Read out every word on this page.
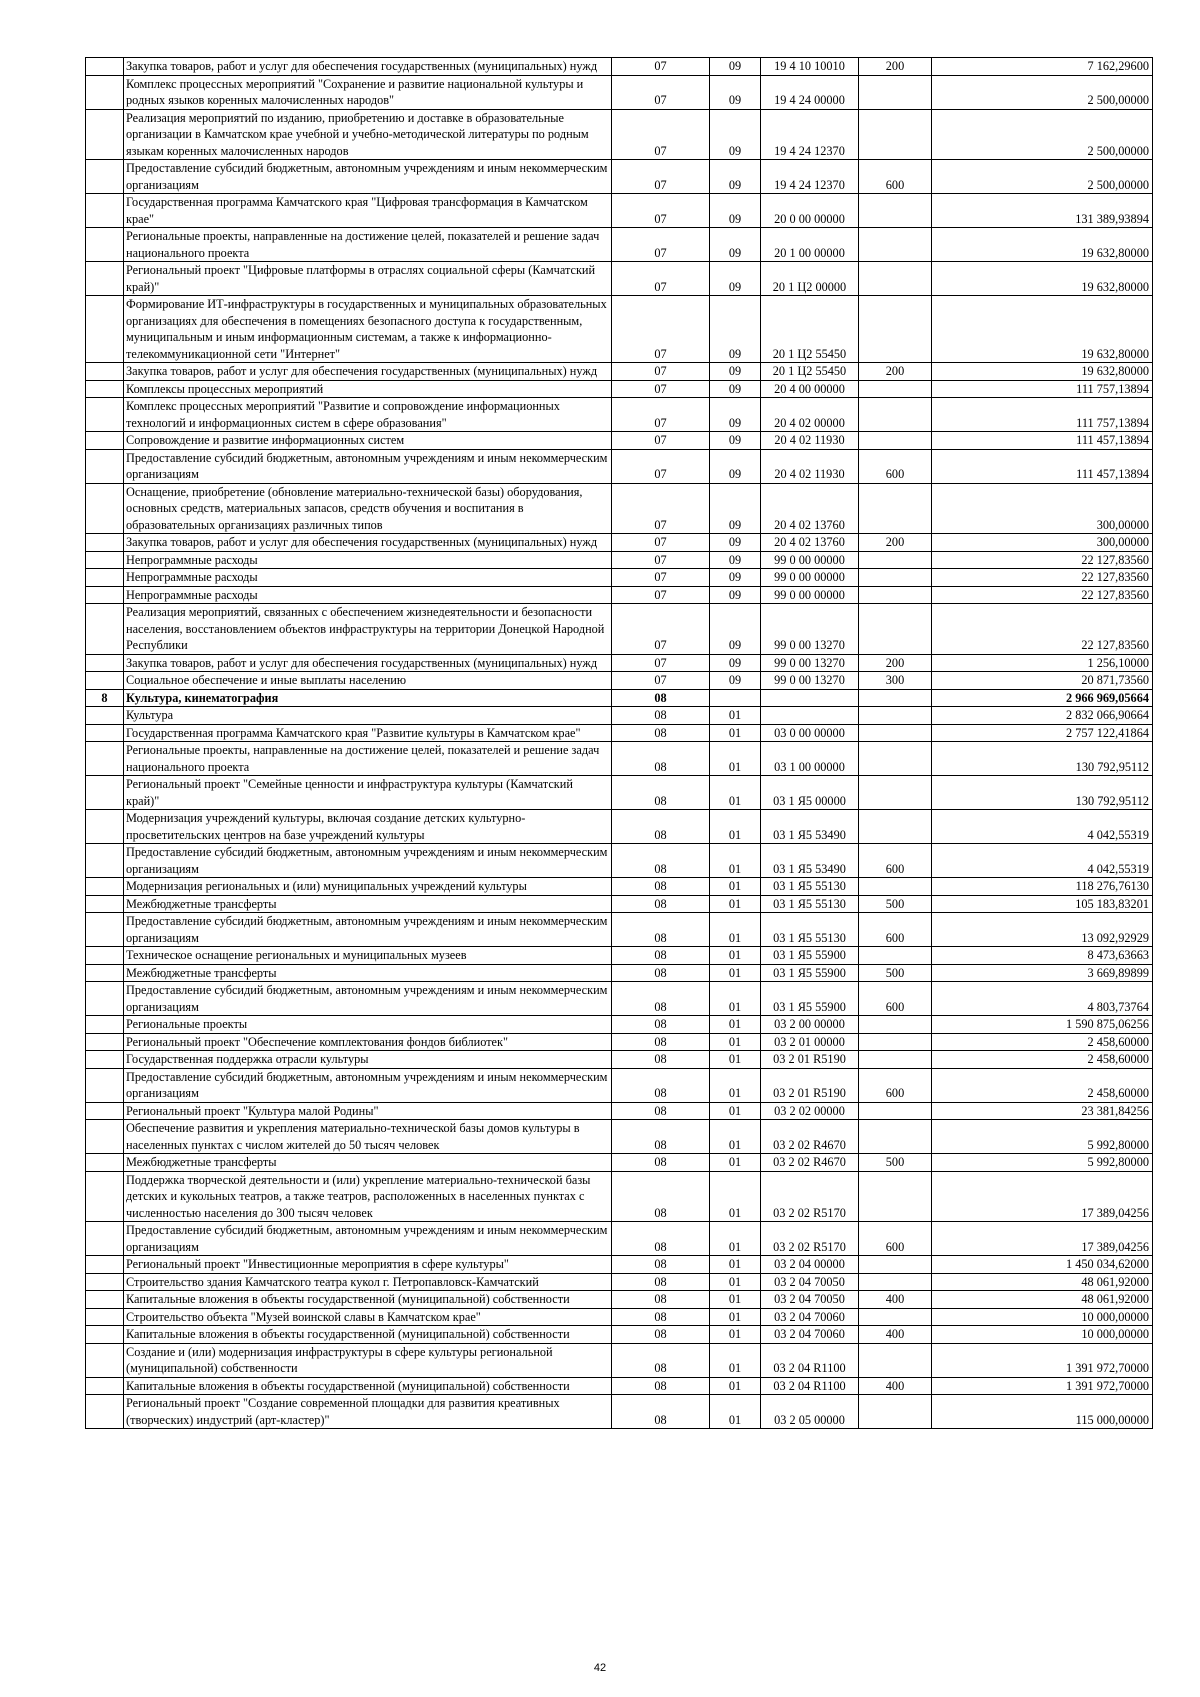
	Закупка товаров, работ и услуг для обеспечения государственных (муниципальных) нужд	07	09	19 4 10 10010	200	7 162,29600
	Комплекс процессных мероприятий "Сохранение и развитие национальной культуры и родных языков коренных малочисленных народов"	07	09	19 4 24 00000		2 500,00000
	Реализация мероприятий по изданию, приобретению и доставке в образовательные организации в Камчатском крае учебной и учебно-методической литературы по родным языкам коренных малочисленных народов	07	09	19 4 24 12370		2 500,00000
	Предоставление субсидий бюджетным, автономным учреждениям и иным некоммерческим организациям	07	09	19 4 24 12370	600	2 500,00000
	Государственная программа Камчатского края "Цифровая трансформация в Камчатском крае"	07	09	20 0 00 00000		131 389,93894
	Региональные проекты, направленные на достижение целей, показателей и решение задач национального проекта	07	09	20 1 00 00000		19 632,80000
	Региональный проект "Цифровые платформы в отраслях социальной сферы (Камчатский край)"	07	09	20 1 Ц2 00000		19 632,80000
	Формирование ИТ-инфраструктуры в государственных и муниципальных образовательных организациях для обеспечения в помещениях безопасного доступа к государственным, муниципальным и иным информационным системам, а также к информационно-телекоммуникационной сети "Интернет"	07	09	20 1 Ц2 55450		19 632,80000
	Закупка товаров, работ и услуг для обеспечения государственных (муниципальных) нужд	07	09	20 1 Ц2 55450	200	19 632,80000
	Комплексы процессных мероприятий	07	09	20 4 00 00000		111 757,13894
	Комплекс процессных мероприятий "Развитие и сопровождение информационных технологий и информационных систем в сфере образования"	07	09	20 4 02 00000		111 757,13894
	Сопровождение и развитие информационных систем	07	09	20 4 02 11930		111 457,13894
	Предоставление субсидий бюджетным, автономным учреждениям и иным некоммерческим организациям	07	09	20 4 02 11930	600	111 457,13894
	Оснащение, приобретение (обновление материально-технической базы) оборудования, основных средств, материальных запасов, средств обучения и воспитания в образовательных организациях различных типов	07	09	20 4 02 13760		300,00000
	Закупка товаров, работ и услуг для обеспечения государственных (муниципальных) нужд	07	09	20 4 02 13760	200	300,00000
	Непрограммные расходы	07	09	99 0 00 00000		22 127,83560
	Непрограммные расходы	07	09	99 0 00 00000		22 127,83560
	Непрограммные расходы	07	09	99 0 00 00000		22 127,83560
	Реализация мероприятий, связанных с обеспечением жизнедеятельности и безопасности населения, восстановлением объектов инфраструктуры на территории Донецкой Народной Республики	07	09	99 0 00 13270		22 127,83560
	Закупка товаров, работ и услуг для обеспечения государственных (муниципальных) нужд	07	09	99 0 00 13270	200	1 256,10000
	Социальное обеспечение и иные выплаты населению	07	09	99 0 00 13270	300	20 871,73560
8	Культура, кинематография	08				2 966 969,05664
	Культура	08	01			2 832 066,90664
	Государственная программа Камчатского края "Развитие культуры в Камчатском крае"	08	01	03 0 00 00000		2 757 122,41864
	Региональные проекты, направленные на достижение целей, показателей и решение задач национального проекта	08	01	03 1 00 00000		130 792,95112
	Региональный проект "Семейные ценности и инфраструктура культуры (Камчатский край)"	08	01	03 1 Я5 00000		130 792,95112
	Модернизация учреждений культуры, включая создание детских культурно-просветительских центров на базе учреждений культуры	08	01	03 1 Я5 53490		4 042,55319
	Предоставление субсидий бюджетным, автономным учреждениям и иным некоммерческим организациям	08	01	03 1 Я5 53490	600	4 042,55319
	Модернизация региональных и (или) муниципальных учреждений культуры	08	01	03 1 Я5 55130		118 276,76130
	Межбюджетные трансферты	08	01	03 1 Я5 55130	500	105 183,83201
	Предоставление субсидий бюджетным, автономным учреждениям и иным некоммерческим организациям	08	01	03 1 Я5 55130	600	13 092,92929
	Техническое оснащение региональных и муниципальных музеев	08	01	03 1 Я5 55900		8 473,63663
	Межбюджетные трансферты	08	01	03 1 Я5 55900	500	3 669,89899
	Предоставление субсидий бюджетным, автономным учреждениям и иным некоммерческим организациям	08	01	03 1 Я5 55900	600	4 803,73764
	Региональные проекты	08	01	03 2 00 00000		1 590 875,06256
	Региональный проект "Обеспечение комплектования фондов библиотек"	08	01	03 2 01 00000		2 458,60000
	Государственная поддержка отрасли культуры	08	01	03 2 01 R5190		2 458,60000
	Предоставление субсидий бюджетным, автономным учреждениям и иным некоммерческим организациям	08	01	03 2 01 R5190	600	2 458,60000
	Региональный проект "Культура малой Родины"	08	01	03 2 02 00000		23 381,84256
	Обеспечение развития и укрепления материально-технической базы домов культуры в населенных пунктах с числом жителей до 50 тысяч человек	08	01	03 2 02 R4670		5 992,80000
	Межбюджетные трансферты	08	01	03 2 02 R4670	500	5 992,80000
	Поддержка творческой деятельности и (или) укрепление материально-технической базы детских и кукольных театров, а также театров, расположенных в населенных пунктах с численностью населения до 300 тысяч человек	08	01	03 2 02 R5170		17 389,04256
	Предоставление субсидий бюджетным, автономным учреждениям и иным некоммерческим организациям	08	01	03 2 02 R5170	600	17 389,04256
	Региональный проект "Инвестиционные мероприятия в сфере культуры"	08	01	03 2 04 00000		1 450 034,62000
	Строительство здания Камчатского театра кукол г. Петропавловск-Камчатский	08	01	03 2 04 70050		48 061,92000
	Капитальные вложения в объекты государственной (муниципальной) собственности	08	01	03 2 04 70050	400	48 061,92000
	Строительство объекта "Музей воинской славы в Камчатском крае"	08	01	03 2 04 70060		10 000,00000
	Капитальные вложения в объекты государственной (муниципальной) собственности	08	01	03 2 04 70060	400	10 000,00000
	Создание и (или) модернизация инфраструктуры в сфере культуры региональной (муниципальной) собственности	08	01	03 2 04 R1100		1 391 972,70000
	Капитальные вложения в объекты государственной (муниципальной) собственности	08	01	03 2 04 R1100	400	1 391 972,70000
	Региональный проект "Создание современной площадки для развития креативных (творческих) индустрий (арт-кластер)"	08	01	03 2 05 00000		115 000,00000
42
